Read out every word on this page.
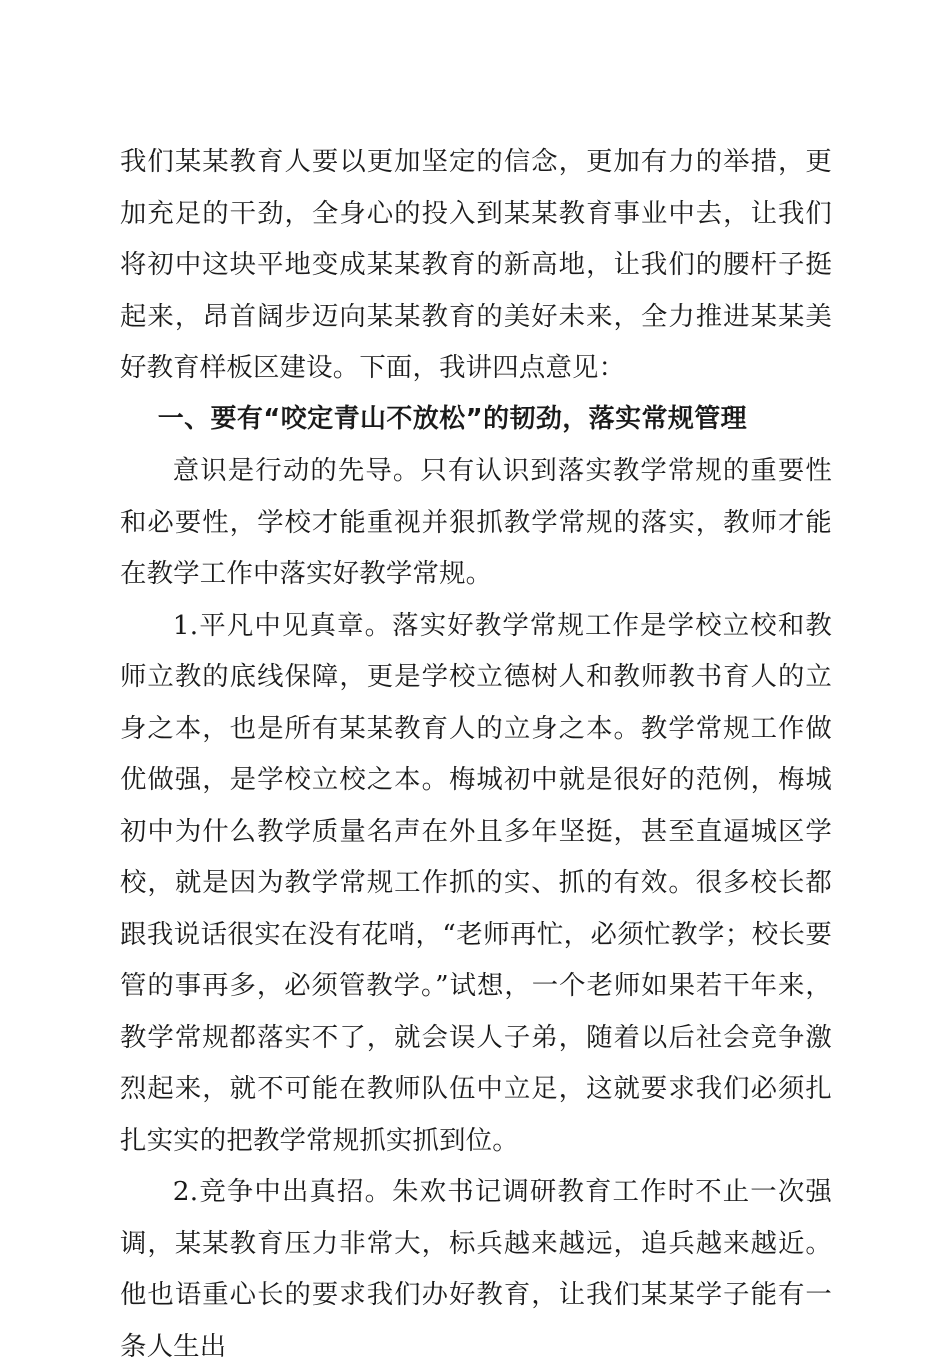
我们某某教育人要以更加坚定的信念，更加有力的举措，更加充足的干劲，全身心的投入到某某教育事业中去，让我们将初中这块平地变成某某教育的新高地，让我们的腰杆子挺起来，昂首阔步迈向某某教育的美好未来，全力推进某某美好教育样板区建设。下面，我讲四点意见：

一、要有“咬定青山不放松”的韧劲，落实常规管理

意识是行动的先导。只有认识到落实教学常规的重要性和必要性，学校才能重视并狠抓教学常规的落实，教师才能在教学工作中落实好教学常规。

1.平凡中见真章。落实好教学常规工作是学校立校和教师立教的底线保障，更是学校立德树人和教师教书育人的立身之本，也是所有某某教育人的立身之本。教学常规工作做优做强，是学校立校之本。梅城初中就是很好的范例，梅城初中为什么教学质量名声在外且多年坚挺，甚至直逼城区学校，就是因为教学常规工作抓的实、抓的有效。很多校长都跟我说话很实在没有花哨，“老师再忙，必须忙教学；校长要管的事再多，必须管教学。”试想，一个老师如果若干年来，教学常规都落实不了，就会误人子弟，随着以后社会竞争激烈起来，就不可能在教师队伍中立足，这就要求我们必须扎扎实实的把教学常规抓实抓到位。

2.竞争中出真招。朱欢书记调研教育工作时不止一次强调，某某教育压力非常大，标兵越来越远，追兵越来越近。他也语重心长的要求我们办好教育，让我们某某学子能有一条人生出
